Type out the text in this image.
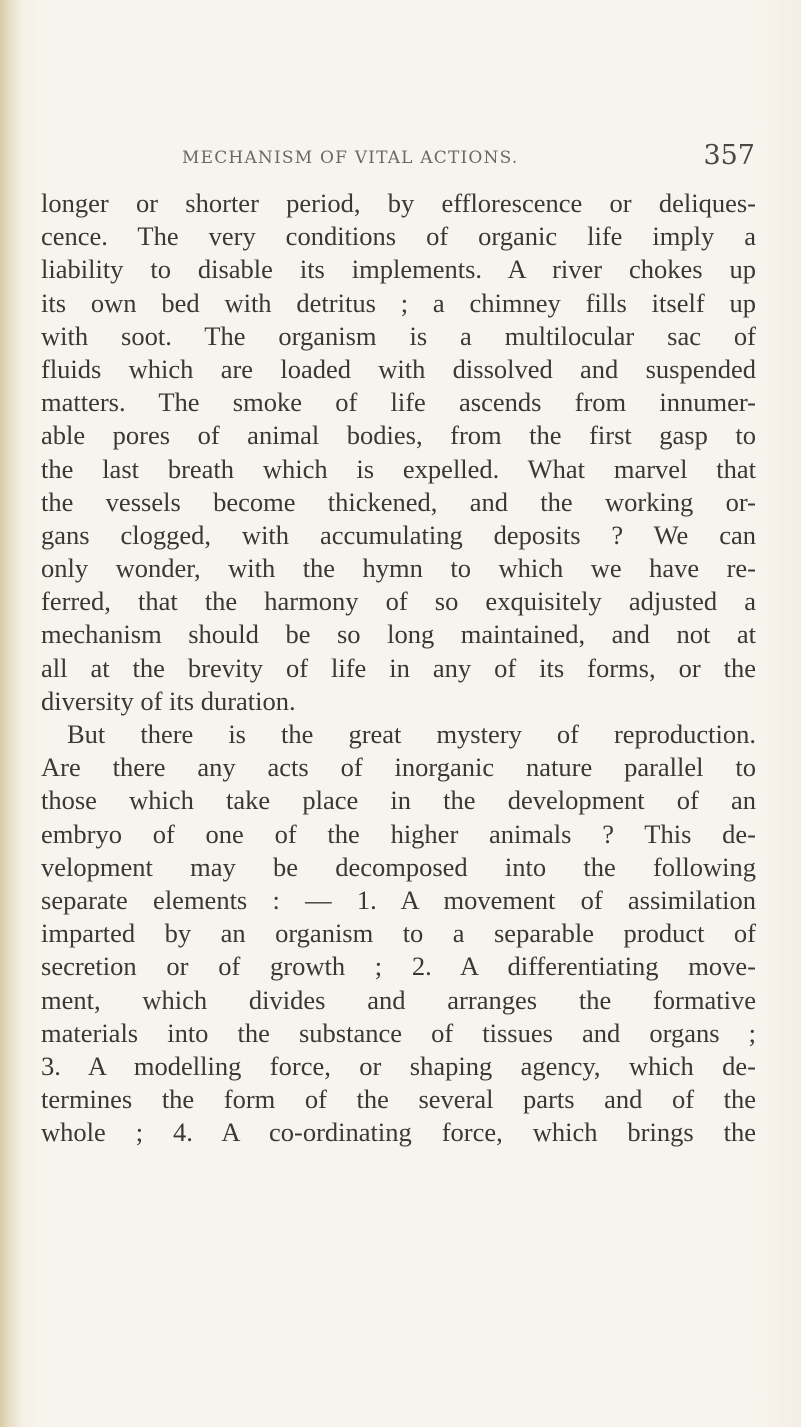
MECHANISM OF VITAL ACTIONS.	357
longer or shorter period, by efflorescence or deliques-
cence. The very conditions of organic life imply a
liability to disable its implements. A river chokes up
its own bed with detritus ; a chimney fills itself up
with soot. The organism is a multilocular sac of
fluids which are loaded with dissolved and suspended
matters. The smoke of life ascends from innumer-
able pores of animal bodies, from the first gasp to
the last breath which is expelled. What marvel that
the vessels become thickened, and the working or-
gans clogged, with accumulating deposits ? We can
only wonder, with the hymn to which we have re-
ferred, that the harmony of so exquisitely adjusted a
mechanism should be so long maintained, and not at
all at the brevity of life in any of its forms, or the
diversity of its duration.
But there is the great mystery of reproduction.
Are there any acts of inorganic nature parallel to
those which take place in the development of an
embryo of one of the higher animals ? This de-
velopment may be decomposed into the following
separate elements : — 1. A movement of assimilation
imparted by an organism to a separable product of
secretion or of growth ; 2. A differentiating move-
ment, which divides and arranges the formative
materials into the substance of tissues and organs ;
3. A modelling force, or shaping agency, which de-
termines the form of the several parts and of the
whole ; 4. A co-ordinating force, which brings the
